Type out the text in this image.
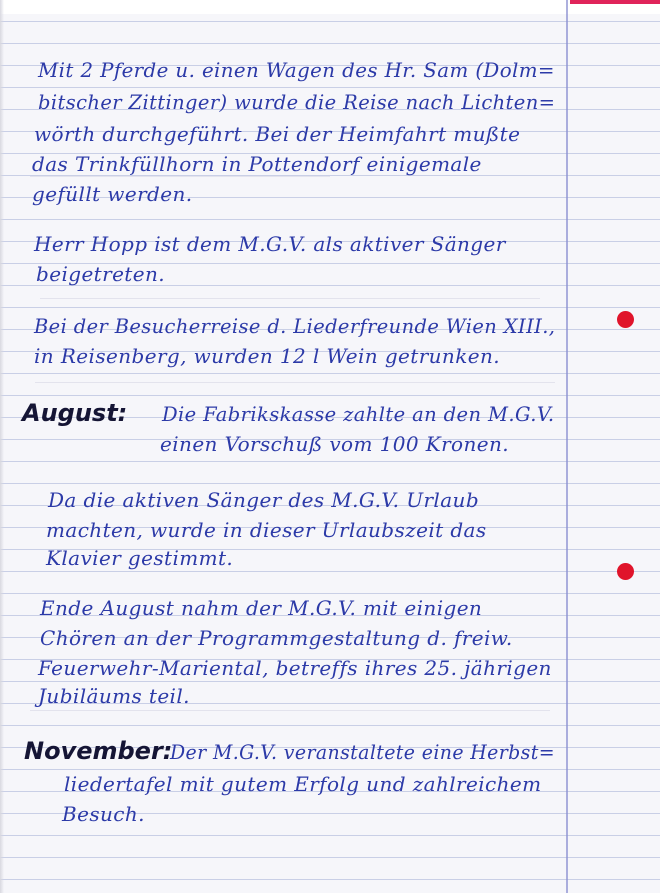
Mit 2 Pferde u. einen Wagen des Hr. Sam (Dolm=
bitscher Zittinger) wurde die Reise nach Lichten=
wörth durchgeführt. Bei der Heimfahrt mußte
das Trinkfüllhorn in Pottendorf einigemale
gefüllt werden.
Herr Hopp ist dem M.G.V. als aktiver Sänger
beigetreten.
Bei der Besucherreise d. Liederfreunde Wien XIII.,
in Reisenberg, wurden 12 l Wein getrunken.
August: Die Fabrikskasse zahlte an den M.G.V.
einen Vorschuß vom 100 Kronen.
Da die aktiven Sänger des M.G.V. Urlaub
machten, wurde in dieser Urlaubszeit das
Klavier gestimmt.
Ende August nahm der M.G.V. mit einigen
Chören an der Programmgestaltung d. freiw.
Feuerwehr-Mariental, betreffs ihres 25. jährigen
Jubiläums teil.
November:
Der M.G.V. veranstaltete eine Herbst=
liedertafel mit gutem Erfolg und zahlreichem
Besuch.
